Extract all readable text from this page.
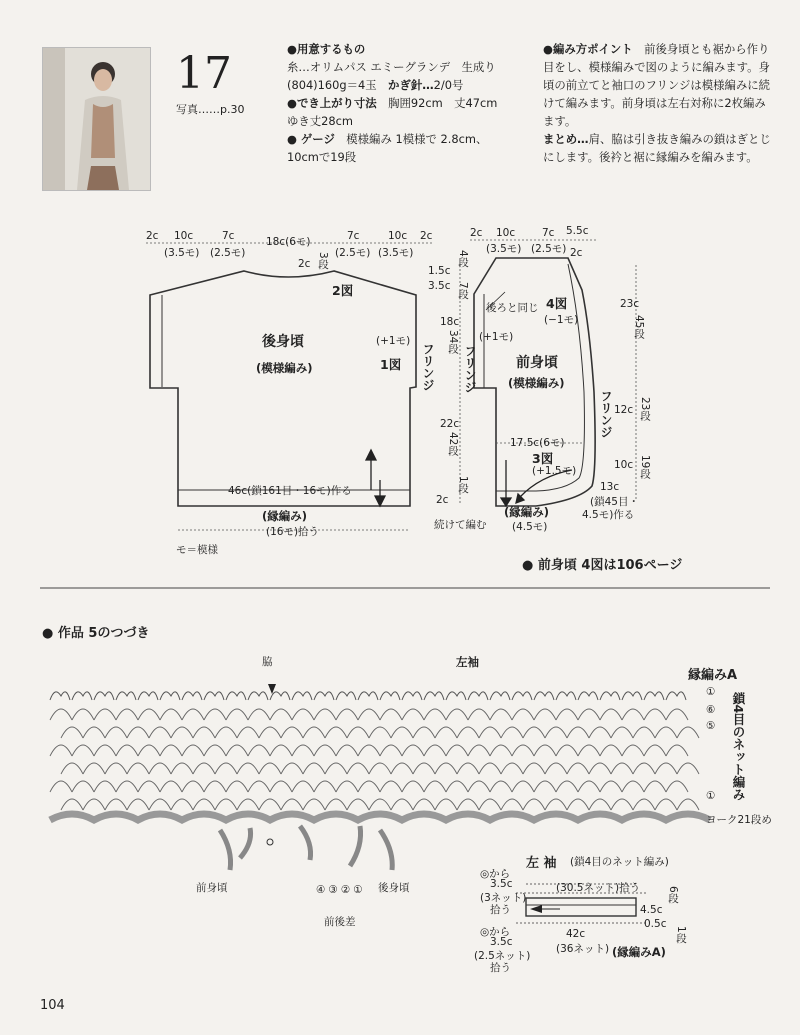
17
写真……p.30

●用意するもの

糸…オリムパス エミーグランデ　生成り

(804)160g＝4玉　 かぎ針…2/0号

●でき上がり寸法　 胸囲92cm　丈47cm

ゆき丈28cm

● ゲージ　 模様編み 1模様で 2.8cm、

10cmで19段

●編み方ポイント　 前後身頃とも裾から作り目をし、模様編みで図のように編みます。身頃の前立てと袖口のフリンジは模様編みに続けて編みます。前身頃は左右対称に2枚編みます。

まとめ…肩、脇は引き抜き編みの鎖はぎとじにします。後衿と裾に縁編みを編みます。

2c 10c	7c	18c(6モ)	7c	10c 2c
(3.5モ) (2.5モ)	(2.5モ) (3.5モ)
2c 3段
2図
後身頃
(模様編み)
(+1モ)
1図 フリンジ
46c(鎖161目・16モ)作る
(縁編み)
(16モ)拾う
モ＝模様
1.5c
4段
3.5c 7段
18c
34段
フリンジ
22c
42段
2c
1段
2c 10c	7c 5.5c
2c
(3.5モ) (2.5モ)
後ろと同じ 4図
(−1モ)
(+1モ)
前身頃
(模様編み)
フリンジ
17.5c(6モ)
3図
(+1.5モ)
(縁編み)
(4.5モ)
続けて編む
23c
45段
12c 23段
10c 19段
13c
(鎖45目・
4.5モ)作る
● 前身頃 4図は106ページ
● 作品 5のつづき
脇	左袖
縁編みA
①
⑥
⑤
① 鎖4目のネット編み
ヨーク21段め
前身頃	後身頃
④③②①
前後差
左 袖 (鎖4目のネット編み)
◎から
3.5c
(3ネット)
拾う
(30.5ネット)拾う	6段
4.5c
0.5c
1段
◎から
3.5c
(2.5ネット)
拾う
42c
(36ネット) (縁編みA)
104
